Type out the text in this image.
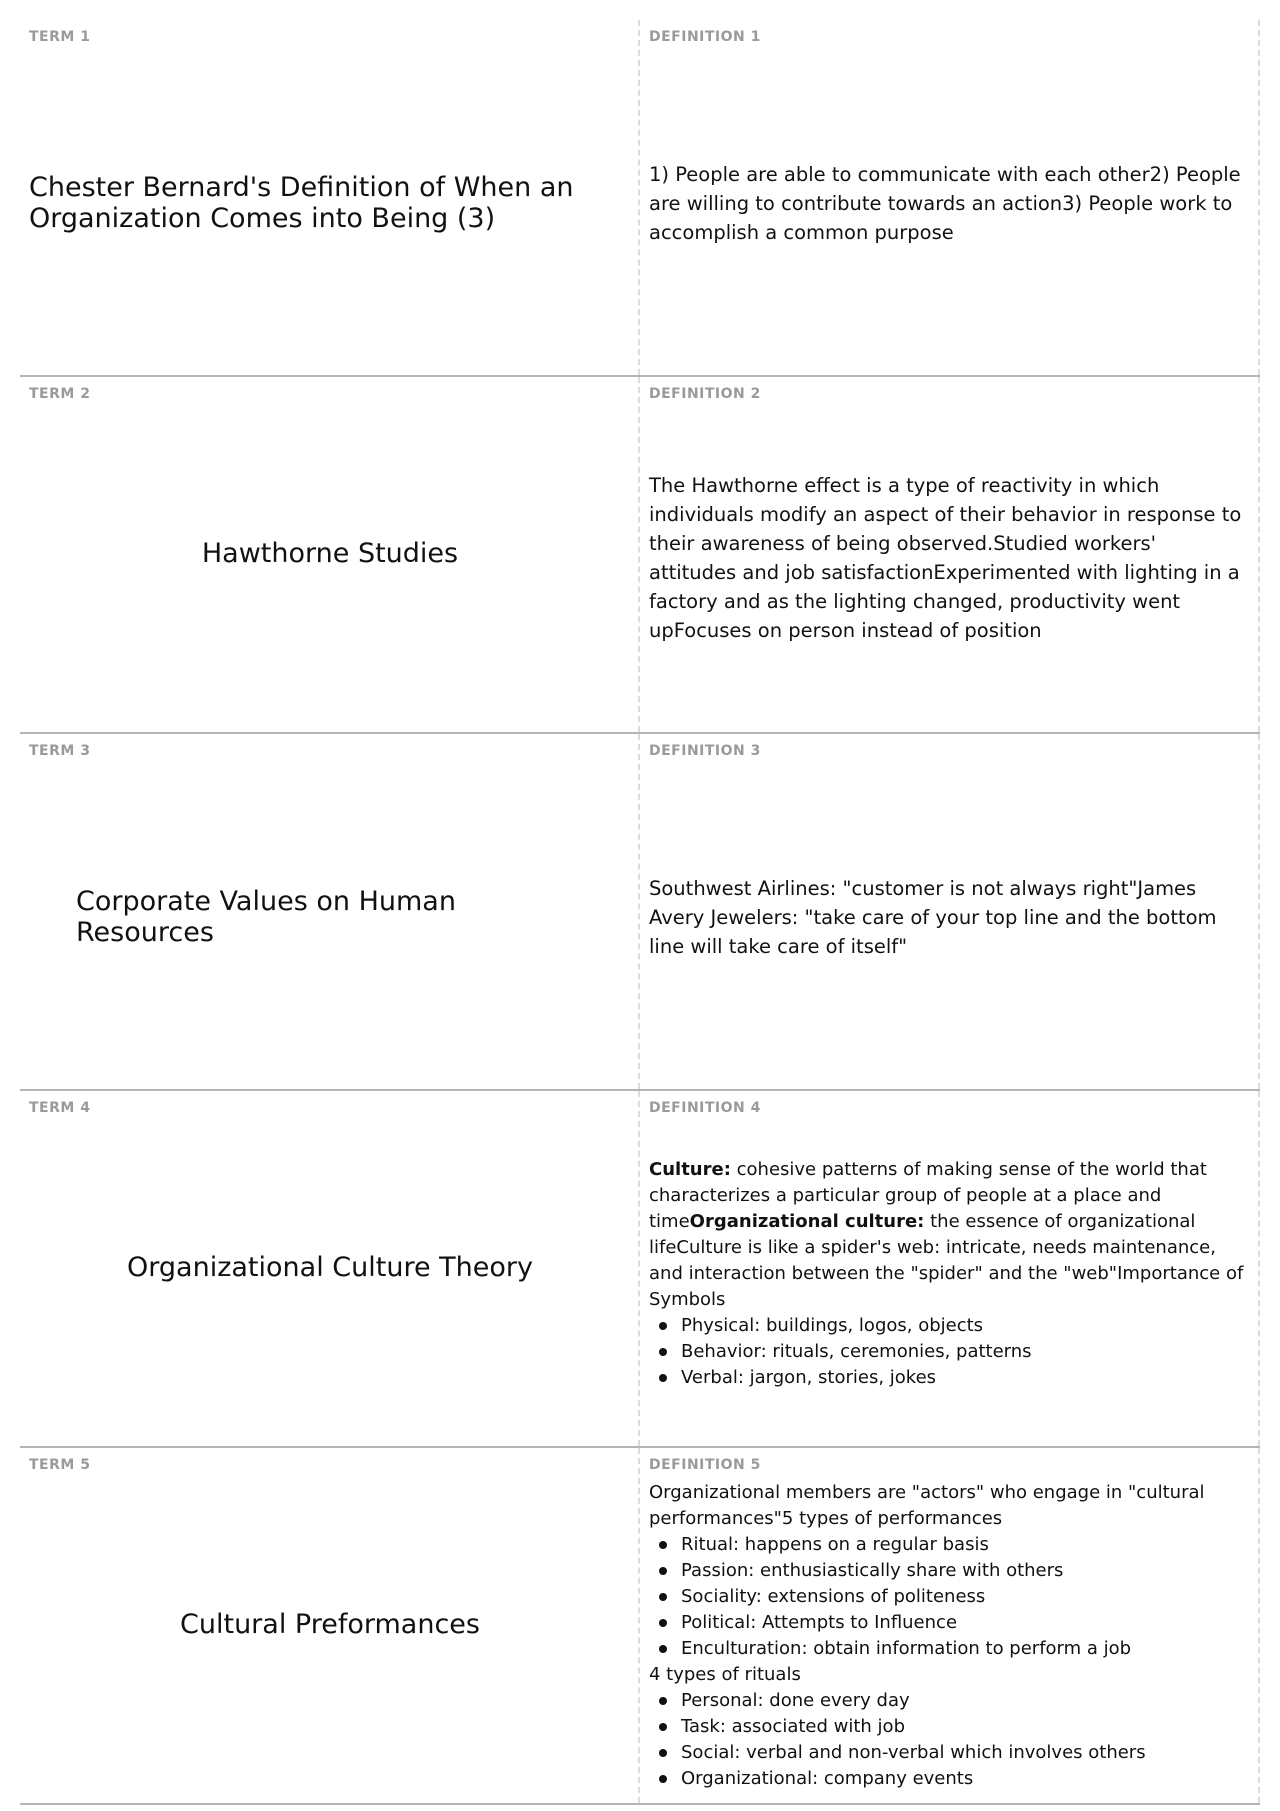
TERM 1
Chester Bernard's Definition of When an Organization Comes into Being (3)
DEFINITION 1
1) People are able to communicate with each other2) People are willing to contribute towards an action3) People work to accomplish a common purpose
TERM 2
Hawthorne Studies
DEFINITION 2
The Hawthorne effect is a type of reactivity in which individuals modify an aspect of their behavior in response to their awareness of being observed.Studied workers' attitudes and job satisfactionExperimented with lighting in a factory and as the lighting changed, productivity went upFocuses on person instead of position
TERM 3
Corporate Values on Human Resources
DEFINITION 3
Southwest Airlines: "customer is not always right"James Avery Jewelers: "take care of your top line and the bottom line will take care of itself"
TERM 4
Organizational Culture Theory
DEFINITION 4
Culture: cohesive patterns of making sense of the world that characterizes a particular group of people at a place and timeOrganizational culture: the essence of organizational lifeCulture is like a spider's web: intricate, needs maintenance, and interaction between the "spider" and the "web"Importance of Symbols
Physical: buildings, logos, objects
Behavior: rituals, ceremonies, patterns
Verbal: jargon, stories, jokes
TERM 5
Cultural Preformances
DEFINITION 5
Organizational members are "actors" who engage in "cultural performances"5 types of performances
Ritual: happens on a regular basis
Passion: enthusiastically share with others
Sociality: extensions of politeness
Political: Attempts to Influence
Enculturation: obtain information to perform a job
4 types of rituals
Personal: done every day
Task: associated with job
Social: verbal and non-verbal which involves others
Organizational: company events
